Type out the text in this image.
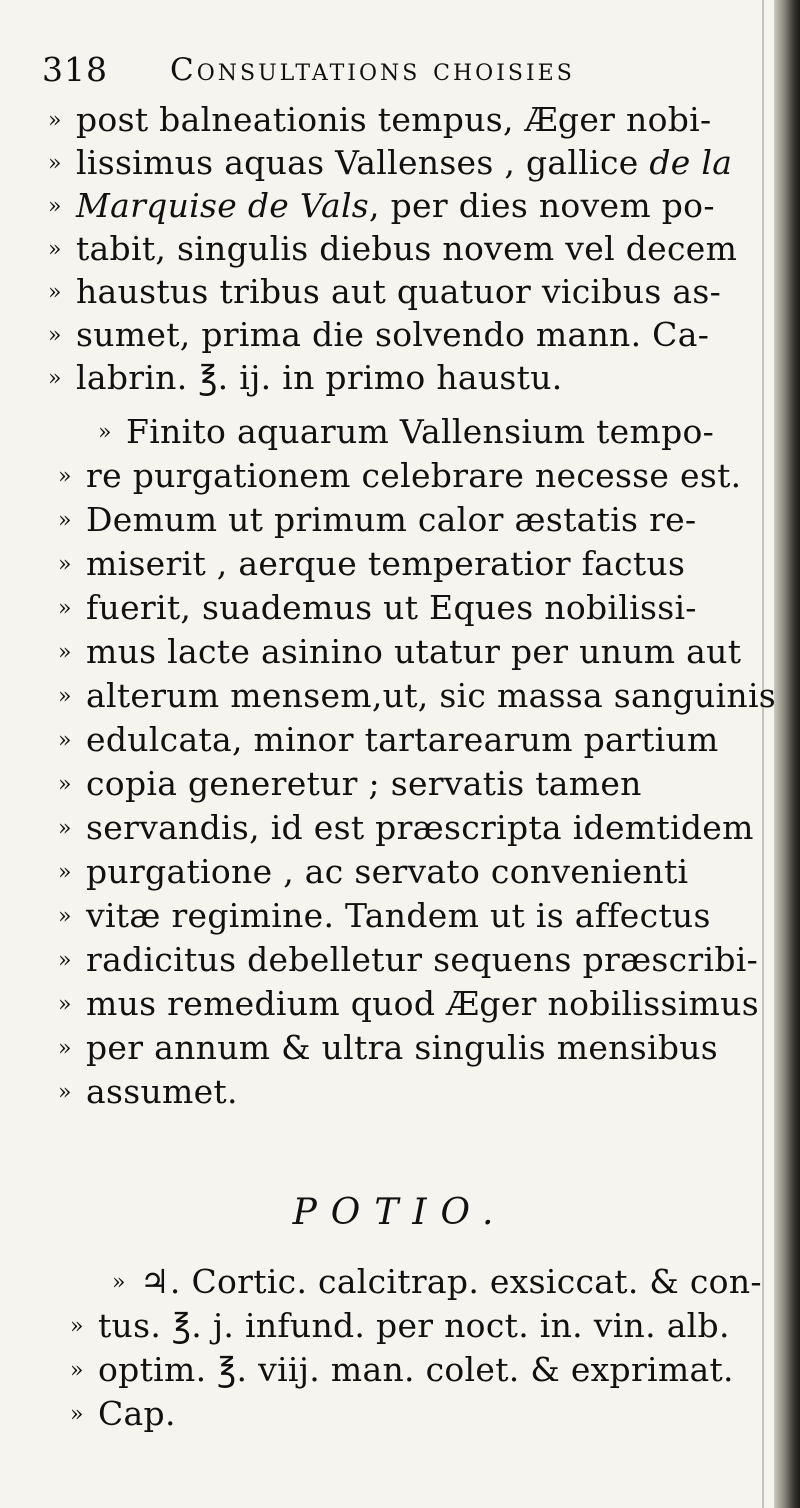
318 Consultations choisies
» post balneationis tempus, Æger nobi-
» lissimus aquas Vallenses , gallice de la
» Marquise de Vals, per dies novem po-
» tabit, singulis diebus novem vel decem
» haustus tribus aut quatuor vicibus as-
» sumet, prima die solvendo mann. Ca-
» labrin. ℥. ij. in primo haustu.
» Finito aquarum Vallensium tempo-
» re purgationem celebrare necesse est.
» Demum ut primum calor æstatis re-
» miserit , aerque temperatior factus
» fuerit, suademus ut Eques nobilissi-
» mus lacte asinino utatur per unum aut
» alterum mensem,ut, sic massa sanguinis
» edulcata, minor tartarearum partium
» copia generetur ; servatis tamen
» servandis, id est præscripta idemtidem
» purgatione , ac servato convenienti
» vitæ regimine. Tandem ut is affectus
» radicitus debelletur sequens præscribi-
» mus remedium quod Æger nobilissimus
» per annum & ultra singulis mensibus
» assumet.
POTIO.
» ♃. Cortic. calcitrap. exsiccat. & con-
» tus. ℥. j. infund. per noct. in. vin. alb.
» optim. ℥. viij. man. colet. & exprimat.
» Cap.
